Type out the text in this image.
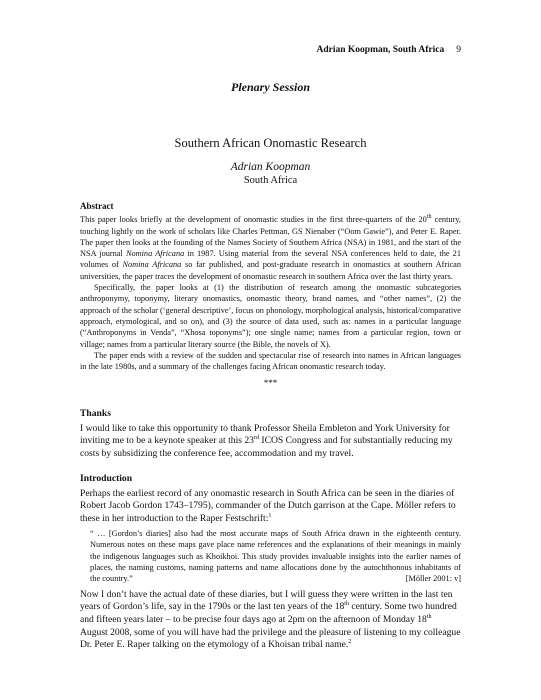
Adrian Koopman, South Africa 9
Plenary Session
Southern African Onomastic Research
Adrian Koopman
South Africa
Abstract

This paper looks briefly at the development of onomastic studies in the first three-quarters of the 20th century, touching lightly on the work of scholars like Charles Pettman, GS Nienaber (“Oom Gawie”), and Peter E. Raper. The paper then looks at the founding of the Names Society of Southern Africa (NSA) in 1981, and the start of the NSA journal Nomina Africana in 1987. Using material from the several NSA conferences held to date, the 21 volumes of Nomina Africana so far published, and post-graduate research in onomastics at southern African universities, the paper traces the development of onomastic research in southern Africa over the last thirty years.

Specifically, the paper looks at (1) the distribution of research among the onomastic subcategories anthroponymy, toponymy, literary onomastics, onomastic theory, brand names, and “other names”, (2) the approach of the scholar (‘general descriptive’, focus on phonology, morphological analysis, historical/comparative approach, etymological, and so on), and (3) the source of data used, such as: names in a particular language (“Anthroponyms in Venda”, “Xhosa toponyms”); one single name; names from a particular region, town or village; names from a particular literary source (the Bible, the novels of X).

The paper ends with a review of the sudden and spectacular rise of research into names in African languages in the late 1980s, and a summary of the challenges facing African onomastic research today.

***
Thanks

I would like to take this opportunity to thank Professor Sheila Embleton and York University for inviting me to be a keynote speaker at this 23rd ICOS Congress and for substantially reducing my costs by subsidizing the conference fee, accommodation and my travel.

Introduction

Perhaps the earliest record of any onomastic research in South Africa can be seen in the diaries of Robert Jacob Gordon 1743–1795), commander of the Dutch garrison at the Cape. Möller refers to these in her introduction to the Raper Festschrift:$^1$

“ … [Gordon’s diaries] also had the most accurate maps of South Africa drawn in the eighteenth century. Numerous notes on these maps gave place name references and the explanations of their meanings in mainly the indigenous languages such as Khoikhoi. This study provides invaluable insights into the earlier names of places, the naming customs, naming patterns and name allocations done by the autochthonous inhabitants of the country.”	[Möller 2001: v]

Now I don’t have the actual date of these diaries, but I will guess they were written in the last ten years of Gordon’s life, say in the 1790s or the last ten years of the 18th century. Some two hundred and fifteen years later – to be precise four days ago at 2pm on the afternoon of Monday 18th August 2008, some of you will have had the privilege and the pleasure of listening to my colleague Dr. Peter E. Raper talking on the etymology of a Khoisan tribal name.$^2$
